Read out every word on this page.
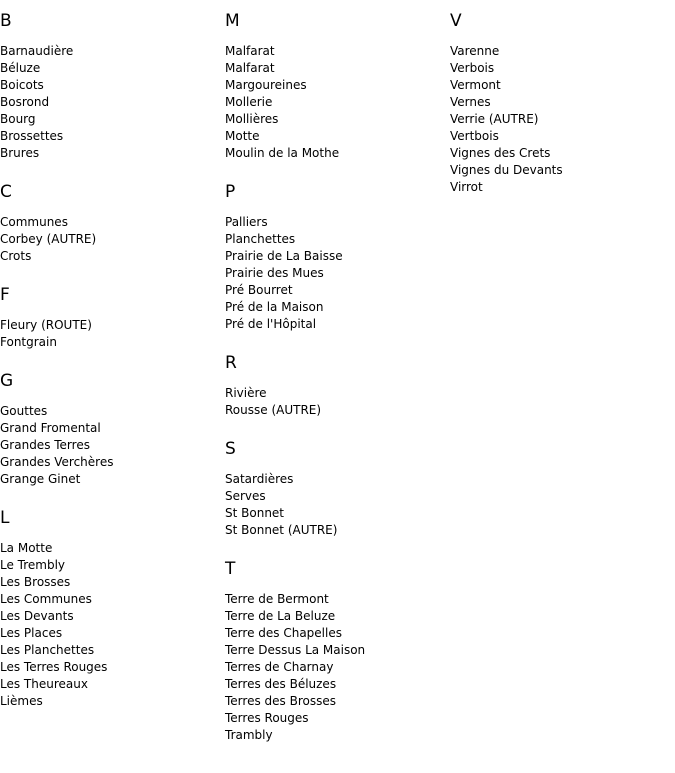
B
Barnaudière
Béluze
Boicots
Bosrond
Bourg
Brossettes
Brures
C
Communes
Corbey (AUTRE)
Crots
F
Fleury (ROUTE)
Fontgrain
G
Gouttes
Grand Fromental
Grandes Terres
Grandes Verchères
Grange Ginet
L
La Motte
Le Trembly
Les Brosses
Les Communes
Les Devants
Les Places
Les Planchettes
Les Terres Rouges
Les Theureaux
Lièmes
M
Malfarat
Malfarat
Margoureines
Mollerie
Mollières
Motte
Moulin de la Mothe
P
Palliers
Planchettes
Prairie de La Baisse
Prairie des Mues
Pré Bourret
Pré de la Maison
Pré de l'Hôpital
R
Rivière
Rousse (AUTRE)
S
Satardières
Serves
St Bonnet
St Bonnet (AUTRE)
T
Terre de Bermont
Terre de La Beluze
Terre des Chapelles
Terre Dessus La Maison
Terres de Charnay
Terres des Béluzes
Terres des Brosses
Terres Rouges
Trambly
V
Varenne
Verbois
Vermont
Vernes
Verrie (AUTRE)
Vertbois
Vignes des Crets
Vignes du Devants
Virrot
